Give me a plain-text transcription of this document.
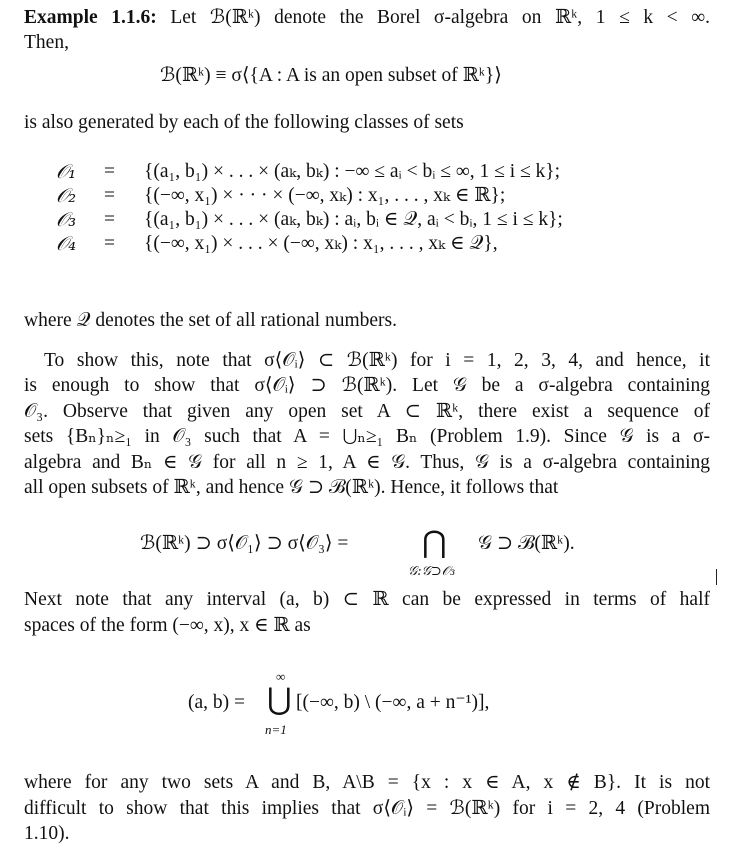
Example 1.1.6: Let ℬ(ℝᵏ) denote the Borel σ-algebra on ℝᵏ, 1 ≤ k < ∞.
Then,
ℬ(ℝᵏ) ≡ σ⟨{A : A is an open subset of ℝᵏ}⟩
is also generated by each of the following classes of sets
𝒪₁	= {(a₁, b₁) × . . . × (aₖ, bₖ) : −∞ ≤ aᵢ < bᵢ ≤ ∞, 1 ≤ i ≤ k};
𝒪₂	= {(−∞, x₁) × · · · × (−∞, xₖ) : x₁, . . . , xₖ ∈ ℝ};
𝒪₃	= {(a₁, b₁) × . . . × (aₖ, bₖ) : aᵢ, bᵢ ∈ 𝒬, aᵢ < bᵢ, 1 ≤ i ≤ k};
𝒪₄	= {(−∞, x₁) × . . . × (−∞, xₖ) : x₁, . . . , xₖ ∈ 𝒬},
where 𝒬 denotes the set of all rational numbers.
To show this, note that σ⟨𝒪ᵢ⟩ ⊂ ℬ(ℝᵏ) for i = 1, 2, 3, 4, and hence, it
is enough to show that σ⟨𝒪ᵢ⟩ ⊃ ℬ(ℝᵏ). Let 𝒢 be a σ-algebra containing
𝒪₃. Observe that given any open set A ⊂ ℝᵏ, there exist a sequence of
sets {Bₙ}ₙ≥₁ in 𝒪₃ such that A = ⋃ₙ≥₁ Bₙ (Problem 1.9). Since 𝒢 is a σ-
algebra and Bₙ ∈ 𝒢 for all n ≥ 1, A ∈ 𝒢. Thus, 𝒢 is a σ-algebra containing
all open subsets of ℝᵏ, and hence 𝒢 ⊃ ℬ(ℝᵏ). Hence, it follows that
ℬ(ℝᵏ) ⊃ σ⟨𝒪₁⟩ ⊃ σ⟨𝒪₃⟩ = ⋂
𝒢:𝒢⊃𝒪₃
𝒢 ⊃ ℬ(ℝᵏ).
Next note that any interval (a, b) ⊂ ℝ can be expressed in terms of half
spaces of the form (−∞, x), x ∈ ℝ as
(a, b) =
∞
⋃
n=1
[(−∞, b) \ (−∞, a + n⁻¹)],
where for any two sets A and B, A\B = {x : x ∈ A, x ∉ B}. It is not
difficult to show that this implies that σ⟨𝒪ᵢ⟩ = ℬ(ℝᵏ) for i = 2, 4 (Problem
1.10).
